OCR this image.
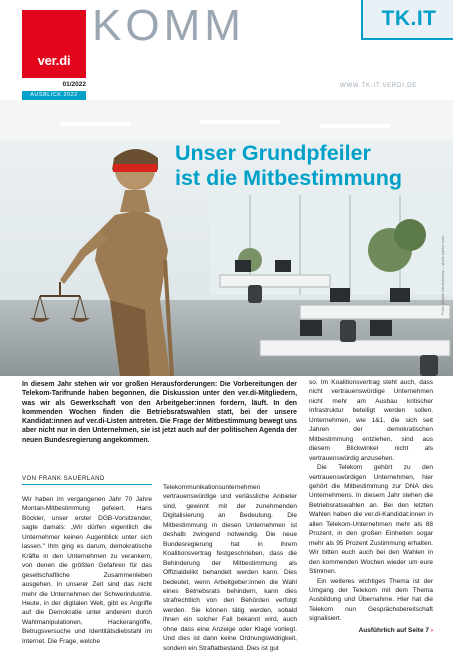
ver.di
KOMM	TK.IT
01/2022	WWW.TK-IT.VERDI.DE
AUSBLICK 2022
Foto: dOlpin /chrisdorney – stock.adobe.com
Unser Grundpfeiler
ist die Mitbestimmung
In diesem Jahr stehen wir vor großen Herausforderungen: Die Vorbereitungen der Telekom-Tarifrunde haben begonnen, die Diskussion unter den ver.di-Mitgliedern, was wir als Gewerkschaft von den Arbeitgeber:innen fordern, läuft. In den kommenden Wochen finden die Betriebsratswahlen statt, bei der unsere Kandidat:innen auf ver.di-Listen antreten. Die Frage der Mitbestimmung bewegt uns aber nicht nur in den Unternehmen, sie ist jetzt auch auf der politischen Agenda der neuen Bundesregierung angekommen.
VON FRANK SAUERLAND
Wir haben im vergangenen Jahr 70 Jahre Montan-Mitbestimmung gefeiert. Hans Böckler, unser erster DGB-Vorsitzender, sagte damals: „Wir dürfen eigentlich die Unternehmer keinen Augenblick unter sich lassen." Ihm ging es darum, demokratische Kräfte in den Unternehmen zu verankern, von denen die größten Gefahren für das gesellschaftliche Zusammenleben ausgehen. In unserer Zeit sind das nicht mehr die Unternehmen der Schwerindustrie. Heute, in der digitalen Welt, gibt es Angriffe auf die Demokratie unter anderem durch Wahlmanipulationen, Hackerangriffe, Betrugsversuche und Identitätsdiebstahl im Internet. Die Frage, welche
Telekommunikationsunternehmen vertrauenswürdige und verlässliche Anbieter sind, gewinnt mit der zunehmenden Digitalisierung an Bedeutung. Die Mitbestimmung in diesen Unternehmen ist deshalb zwingend notwendig. Die neue Bundesregierung hat in ihrem Koalitionsvertrag festgeschrieben, dass die Behinderung der Mitbestimmung als Offizialdelikt behandelt werden kann. Dies bedeutet, wenn Arbeitgeber:innen die Wahl eines Betriebsrats behindern, kann dies strafrechtlich von den Behörden verfolgt werden. Sie können tätig werden, sobald ihnen ein solcher Fall bekannt wird, auch ohne dass eine Anzeige oder Klage vorliegt. Und dies ist dann keine Ordnungswidrigkeit, sondern ein Straftatbestand. Dies ist gut
so. Im Koalitionsvertrag steht auch, dass nicht vertrauenswürdige Unternehmen nicht mehr am Ausbau kritischer Infrastruktur beteiligt werden sollen. Unternehmen, wie 1&1, die sich seit Jahren der demokratischen Mitbestimmung entziehen, sind aus diesem Blickwinkel nicht als vertrauenswürdig anzusehen.
Die Telekom gehört zu den vertrauenswürdigen Unternehmen, hier gehört die Mitbestimmung zur DNA des Unternehmens. In diesem Jahr stehen die Betriebsratswahlen an. Bei den letzten Wahlen haben die ver.di-Kandidat:innen in allen Telekom-Unternehmen mehr als 88 Prozent, in den großen Einheiten sogar mehr als 95 Prozent Zustimmung erhalten. Wir bitten euch auch bei den Wahlen in den kommenden Wochen wieder um eure Stimmen.
Ein weiteres wichtiges Thema ist der Umgang der Telekom mit dem Thema Ausbildung und Übernahme. Hier hat die Telekom nun Gesprächsbereitschaft signalisiert.
Ausführlich auf Seite 7 ›
